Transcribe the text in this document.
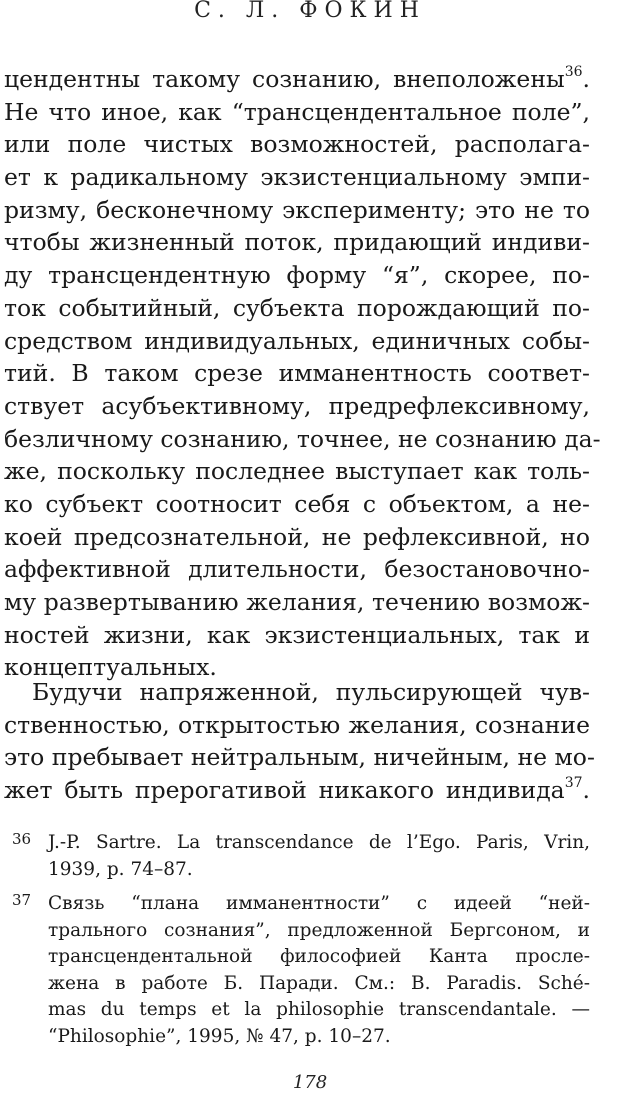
С. Л. ФОКИН
цендентны такому сознанию, внеположены$^{36}$.
Не что иное, как “трансцендентальное поле”,
или поле чистых возможностей, располага-
ет к радикальному экзистенциальному эмпи-
ризму, бесконечному эксперименту; это не то
чтобы жизненный поток, придающий индиви-
ду трансцендентную форму “я”, скорее, по-
ток событийный, субъекта порождающий по-
средством индивидуальных, единичных собы-
тий. В таком срезе имманентность соответ-
ствует асубъективному, предрефлексивному,
безличному сознанию, точнее, не сознанию да-
же, поскольку последнее выступает как толь-
ко субъект соотносит себя с объектом, а не-
коей предсознательной, не рефлексивной, но
аффективной длительности, безостановочно-
му развертыванию желания, течению возмож-
ностей жизни, как экзистенциальных, так и
концептуальных.
Будучи напряженной, пульсирующей чув-
ственностью, открытостью желания, сознание
это пребывает нейтральным, ничейным, не мо-
жет быть прерогативой никакого индивида$^{37}$.
36 J.-P. Sartre. La transcendance de l’Ego. Paris, Vrin,
1939, p. 74–87.
37 Связь “плана имманентности” с идеей “ней-
трального сознания”, предложенной Бергсоном, и
трансцендентальной философией Канта просле-
жена в работе Б. Паради. См.: B. Paradis. Sché-
mas du temps et la philosophie transcendantale. —
“Philosophie”, 1995, № 47, p. 10–27.
178
